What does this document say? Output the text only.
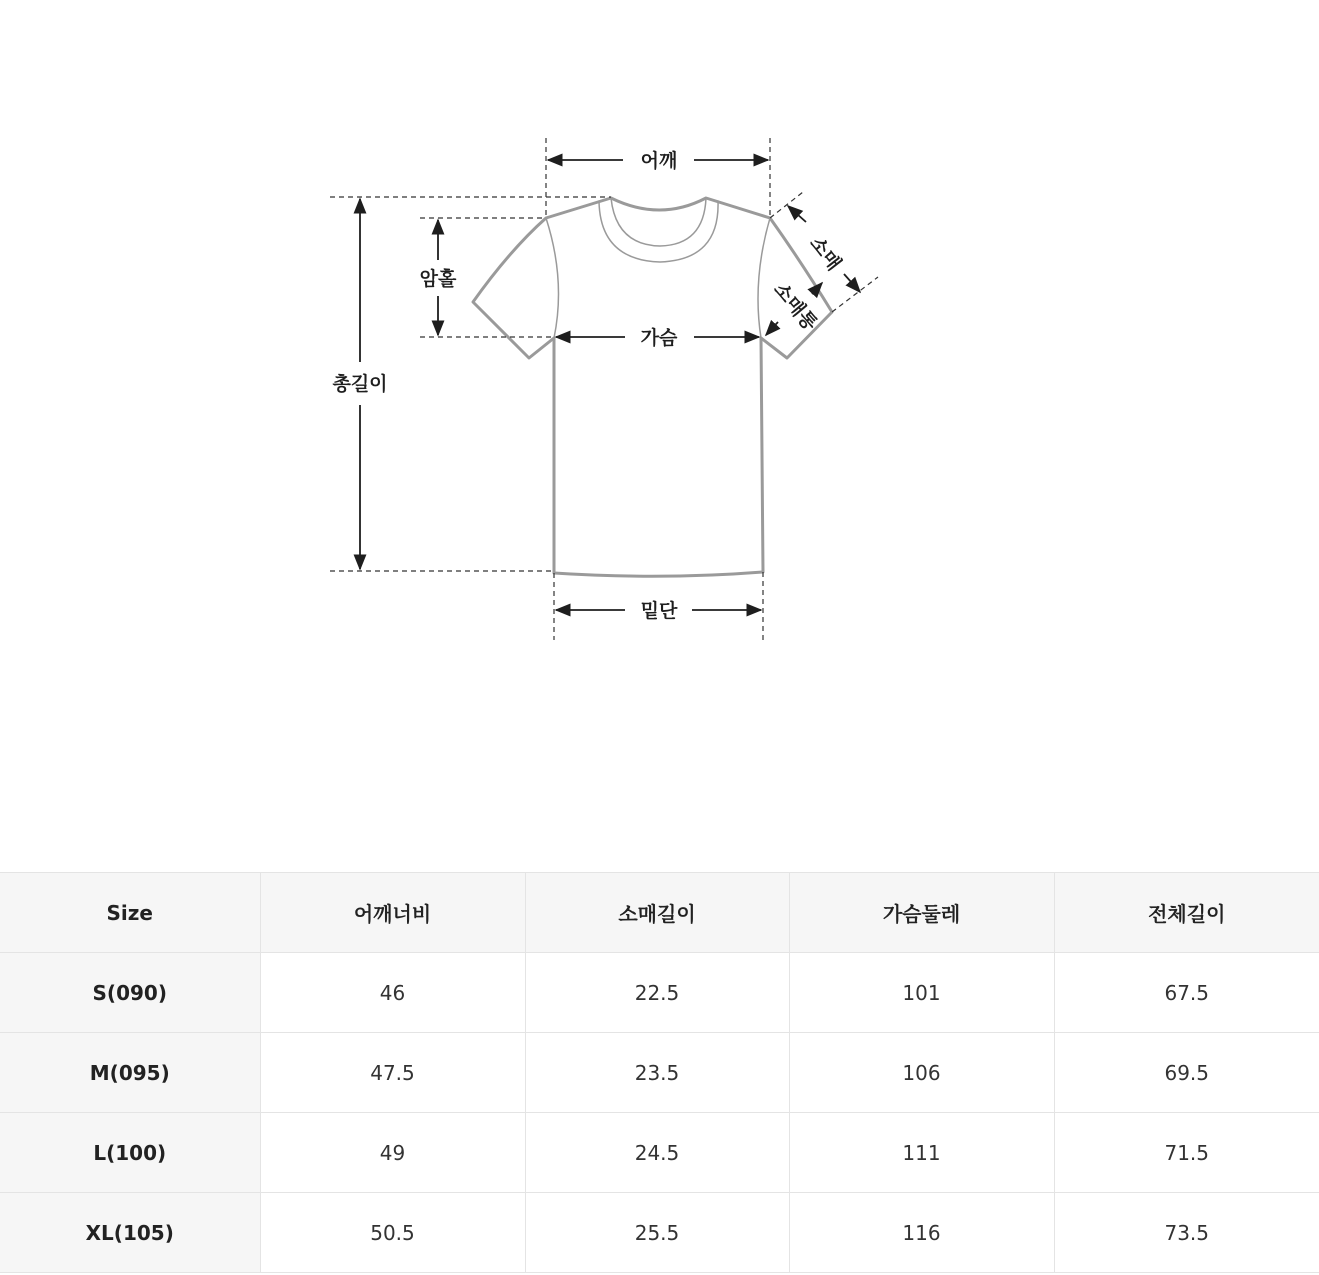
어깨
총길이
암홀
가슴
밑단
소매
소매통
Size	어깨너비	소매길이	가슴둘레	전체길이
S(090)	46	22.5	101	67.5
M(095)	47.5	23.5	106	69.5
L(100)	49	24.5	111	71.5
XL(105)	50.5	25.5	116	73.5
